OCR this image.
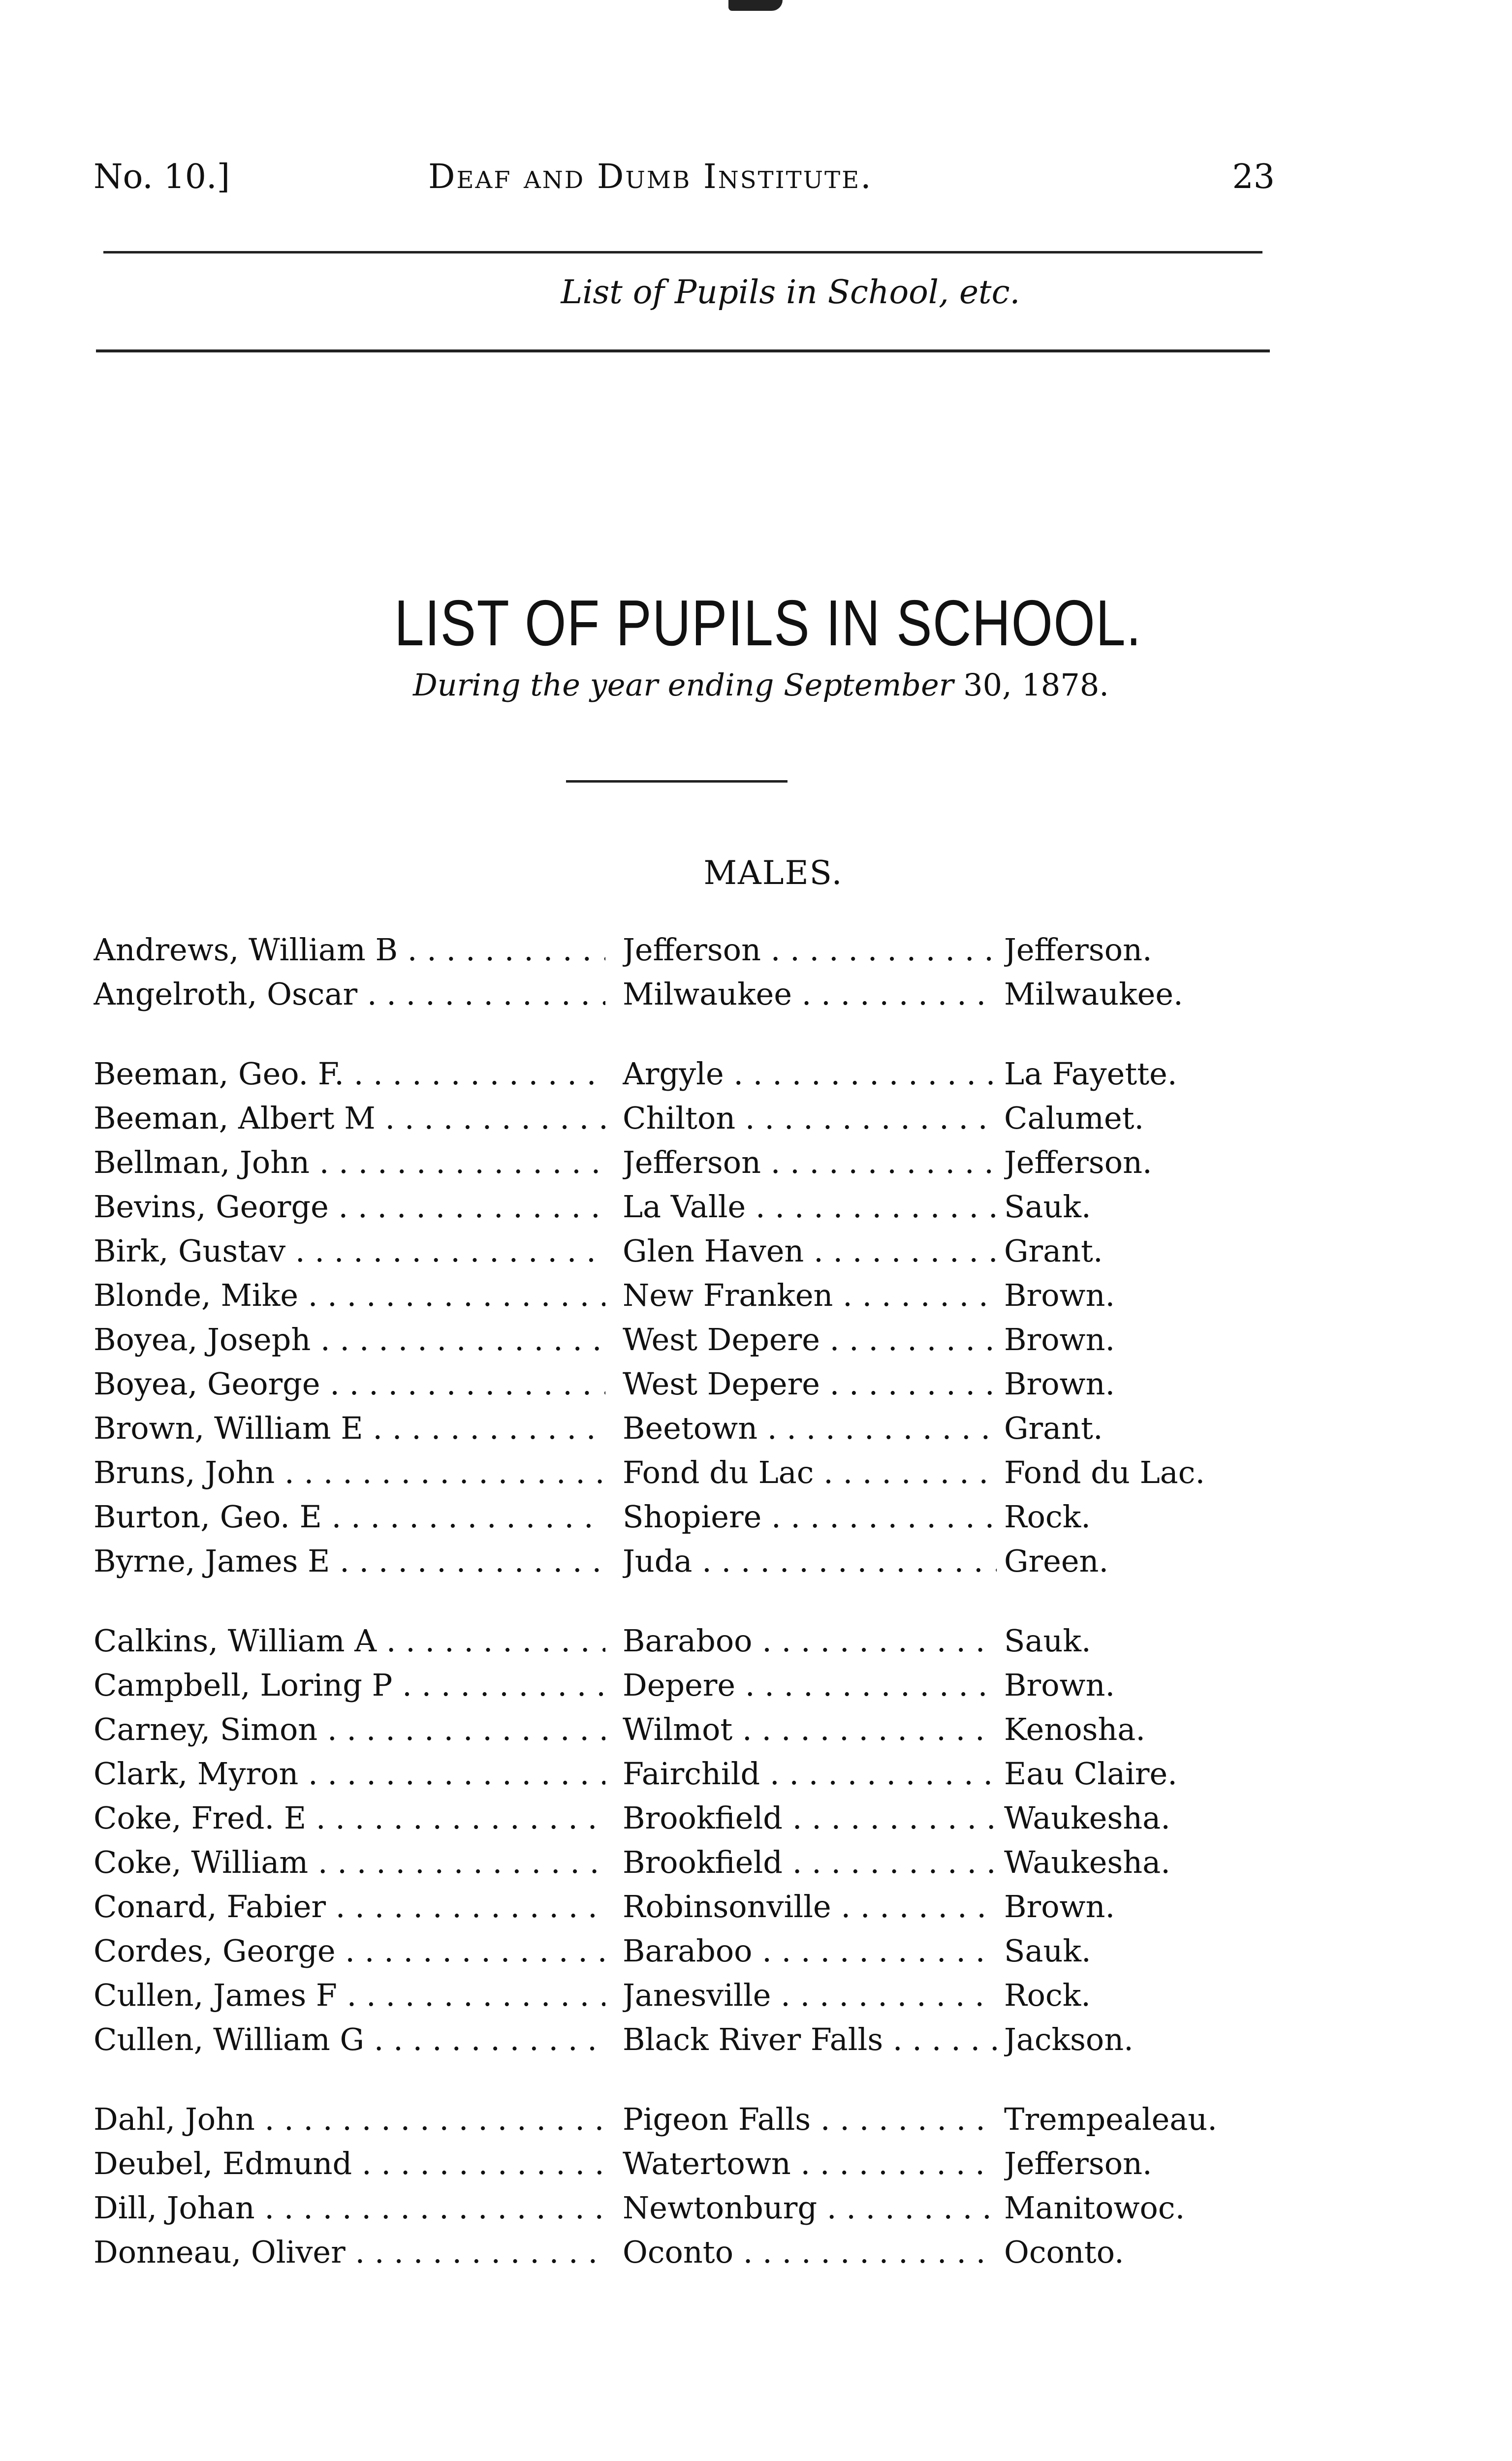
No. 10.]	Deaf and Dumb Institute.	23
List of Pupils in School, etc.
LIST OF PUPILS IN SCHOOL.
During the year ending September 30, 1878.
MALES.
Andrews, William B . . .	Jefferson . . .	Jefferson.
Angelroth, Oscar . . .	Milwaukee . . .	Milwaukee.
Beeman, Geo. F. . . .	Argyle . . .	La Fayette.
Beeman, Albert M . . .	Chilton . . .	Calumet.
Bellman, John . . .	Jefferson . . .	Jefferson.
Bevins, George . . .	La Valle . . .	Sauk.
Birk, Gustav . . .	Glen Haven . . .	Grant.
Blonde, Mike . . .	New Franken . . .	Brown.
Boyea, Joseph . . .	West Depere . . .	Brown.
Boyea, George . . .	West Depere . . .	Brown.
Brown, William E . . .	Beetown . . .	Grant.
Bruns, John . . .	Fond du Lac . . .	Fond du Lac.
Burton, Geo. E . . .	Shopiere . . .	Rock.
Byrne, James E . . .	Juda . . .	Green.
Calkins, William A . . .	Baraboo . . .	Sauk.
Campbell, Loring P . . .	Depere . . .	Brown.
Carney, Simon . . .	Wilmot . . .	Kenosha.
Clark, Myron . . .	Fairchild . . .	Eau Claire.
Coke, Fred. E . . .	Brookfield . . .	Waukesha.
Coke, William . . .	Brookfield . . .	Waukesha.
Conard, Fabier . . .	Robinsonville . . .	Brown.
Cordes, George . . .	Baraboo . . .	Sauk.
Cullen, James F . . .	Janesville . . .	Rock.
Cullen, William G . . .	Black River Falls . . .	Jackson.
Dahl, John . . .	Pigeon Falls . . .	Trempealeau.
Deubel, Edmund . . .	Watertown . . .	Jefferson.
Dill, Johan . . .	Newtonburg . . .	Manitowoc.
Donneau, Oliver . . .	Oconto . . .	Oconto.
